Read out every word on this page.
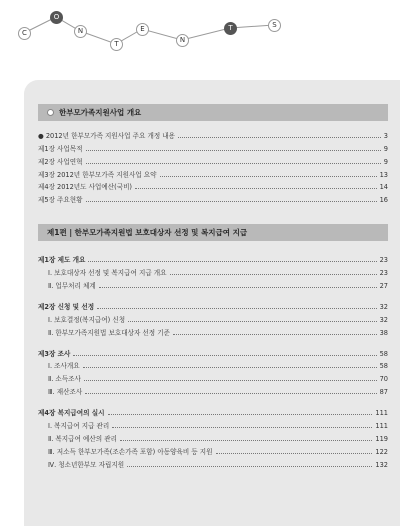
C
O
N
T
E
N
T	S
한부모가족지원사업 개요
● 2012년 한부모가족 지원사업 주요 개정 내용	3
제1장 사업목적	9
제2장 사업연혁	9
제3장 2012년 한부모가족 지원사업 요약	13
제4장 2012년도 사업예산(국비)	14
제5장 주요현황	16
제1편 | 한부모가족지원법 보호대상자 선정 및 복지급여 지급
제1장 제도 개요	23
Ⅰ. 보호대상자 선정 및 복지급여 지급 개요	23
Ⅱ. 업무처리 체계	27
제2장 신청 및 선정	32
Ⅰ. 보호결정(복지급여) 신청	32
Ⅱ. 한부모가족지원법 보호대상자 선정 기준	38
제3장 조사	58
Ⅰ. 조사개요	58
Ⅱ. 소득조사	70
Ⅲ. 재산조사	87
제4장 복지급여의 실시	111
Ⅰ. 복지급여 지급 관리	111
Ⅱ. 복지급여 예산의 관리	119
Ⅲ. 저소득 한부모가족(조손가족 포함) 아동양육비 등 지원	122
Ⅳ. 청소년한부모 자립지원	132
